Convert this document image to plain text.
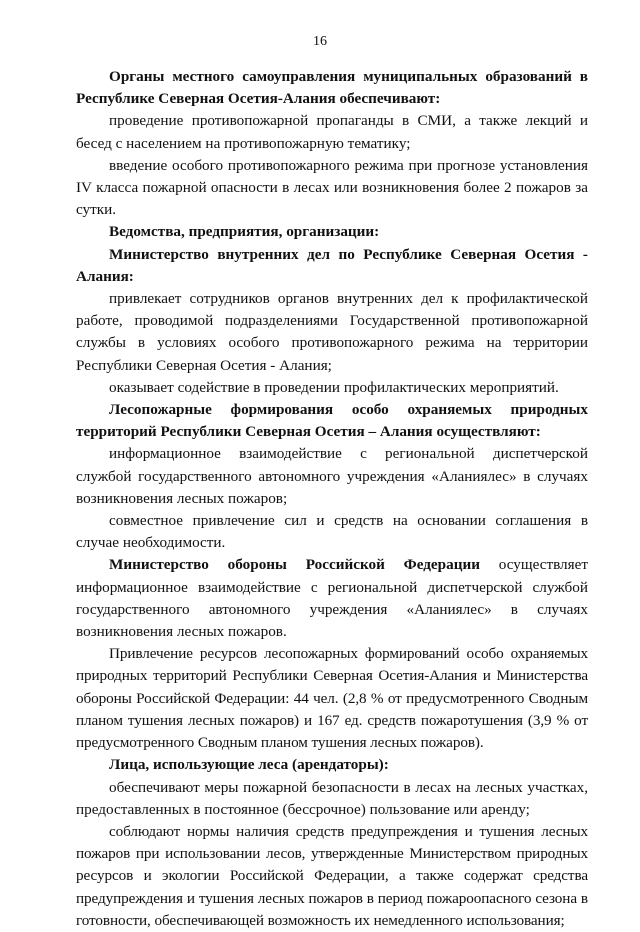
16

Органы местного самоуправления муниципальных образований в Республике Северная Осетия-Алания обеспечивают:

проведение противопожарной пропаганды в СМИ, а также лекций и бесед с населением на противопожарную тематику;

введение особого противопожарного режима при прогнозе установления IV класса пожарной опасности в лесах или возникновения более 2 пожаров за сутки.

Ведомства, предприятия, организации:

Министерство внутренних дел по Республике Северная Осетия - Алания:

привлекает сотрудников органов внутренних дел к профилактической работе, проводимой подразделениями Государственной противопожарной службы в условиях особого противопожарного режима на территории Республики Северная Осетия - Алания;

оказывает содействие в проведении профилактических мероприятий.

Лесопожарные формирования особо охраняемых природных территорий Республики Северная Осетия – Алания осуществляют:

информационное взаимодействие с региональной диспетчерской службой государственного автономного учреждения «Аланиялес» в случаях возникновения лесных пожаров;

совместное привлечение сил и средств на основании соглашения в случае необходимости.

Министерство обороны Российской Федерации осуществляет информационное взаимодействие с региональной диспетчерской службой государственного автономного учреждения «Аланиялес» в случаях возникновения лесных пожаров.

Привлечение ресурсов лесопожарных формирований особо охраняемых природных территорий Республики Северная Осетия-Алания и Министерства обороны Российской Федерации: 44 чел. (2,8 % от предусмотренного Сводным планом тушения лесных пожаров) и 167 ед. средств пожаротушения (3,9 % от предусмотренного Сводным планом тушения лесных пожаров).

Лица, использующие леса (арендаторы):

обеспечивают меры пожарной безопасности в лесах на лесных участках, предоставленных в постоянное (бессрочное) пользование или аренду;

соблюдают нормы наличия средств предупреждения и тушения лесных пожаров при использовании лесов, утвержденные Министерством природных ресурсов и экологии Российской Федерации, а также содержат средства предупреждения и тушения лесных пожаров в период пожароопасного сезона в готовности, обеспечивающей возможность их немедленного использования;
